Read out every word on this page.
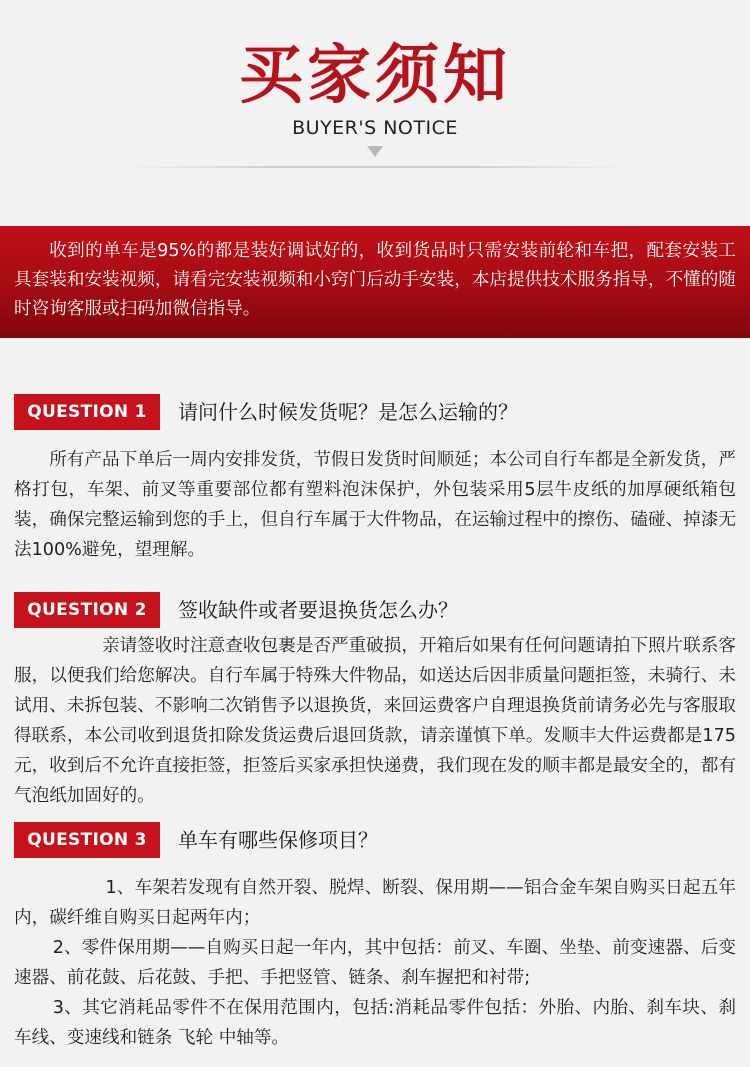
买家须知
BUYER'S NOTICE

收到的单车是95%的都是装好调试好的，收到货品时只需安装前轮和车把，配套安装工具套装和安装视频，请看完安装视频和小窍门后动手安装，本店提供技术服务指导，不懂的随时咨询客服或扫码加微信指导。

QUESTION 1	请问什么时候发货呢？是怎么运输的？

所有产品下单后一周内安排发货，节假日发货时间顺延；本公司自行车都是全新发货，严格打包，车架、前叉等重要部位都有塑料泡沫保护，外包装采用5层牛皮纸的加厚硬纸箱包装，确保完整运输到您的手上，但自行车属于大件物品，在运输过程中的擦伤、磕碰、掉漆无法100%避免，望理解。

QUESTION 2	签收缺件或者要退换货怎么办？

亲请签收时注意查收包裹是否严重破损，开箱后如果有任何问题请拍下照片联系客服，以便我们给您解决。自行车属于特殊大件物品，如送达后因非质量问题拒签，未骑行、未试用、未拆包装、不影响二次销售予以退换货，来回运费客户自理退换货前请务必先与客服取得联系，本公司收到退货扣除发货运费后退回货款，请亲谨慎下单。发顺丰大件运费都是175元，收到后不允许直接拒签，拒签后买家承担快递费，我们现在发的顺丰都是最安全的，都有气泡纸加固好的。

QUESTION 3	单车有哪些保修项目？

1、车架若发现有自然开裂、脱焊、断裂、保用期——铝合金车架自购买日起五年内，碳纤维自购买日起两年内；

2、零件保用期——自购买日起一年内，其中包括：前叉、车圈、坐垫、前变速器、后变速器、前花鼓、后花鼓、手把、手把竖管、链条、刹车握把和衬带;

3、其它消耗品零件不在保用范围内，包括:消耗品零件包括：外胎、内胎、刹车块、刹车线、变速线和链条 飞轮 中轴等。
